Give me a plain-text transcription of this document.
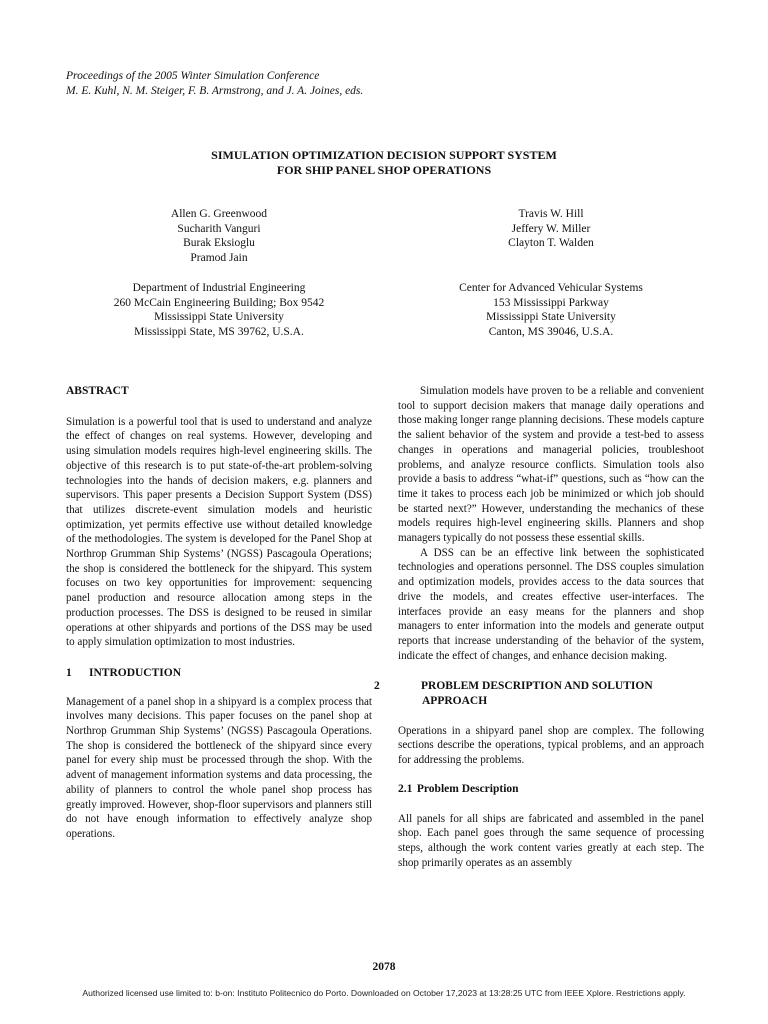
Proceedings of the 2005 Winter Simulation Conference
M. E. Kuhl, N. M. Steiger, F. B. Armstrong, and J. A. Joines, eds.
SIMULATION OPTIMIZATION DECISION SUPPORT SYSTEM
FOR SHIP PANEL SHOP OPERATIONS
Allen G. Greenwood
Sucharith Vanguri
Burak Eksioglu
Pramod Jain
Travis W. Hill
Jeffery W. Miller
Clayton T. Walden
Department of Industrial Engineering
260 McCain Engineering Building; Box 9542
Mississippi State University
Mississippi State, MS 39762, U.S.A.
Center for Advanced Vehicular Systems
153 Mississippi Parkway
Mississippi State University
Canton, MS 39046, U.S.A.
ABSTRACT

Simulation is a powerful tool that is used to understand and analyze the effect of changes on real systems. However, developing and using simulation models requires high-level engineering skills. The objective of this research is to put state-of-the-art problem-solving technologies into the hands of decision makers, e.g. planners and supervisors. This paper presents a Decision Support System (DSS) that utilizes discrete-event simulation models and heuristic optimization, yet permits effective use without detailed knowledge of the methodologies. The system is developed for the Panel Shop at Northrop Grumman Ship Systems’ (NGSS) Pascagoula Operations; the shop is considered the bottleneck for the shipyard. This system focuses on two key opportunities for improvement: sequencing panel production and resource allocation among steps in the production processes. The DSS is designed to be reused in similar operations at other shipyards and portions of the DSS may be used to apply simulation optimization to most industries.

1 INTRODUCTION

Management of a panel shop in a shipyard is a complex process that involves many decisions. This paper focuses on the panel shop at Northrop Grumman Ship Systems’ (NGSS) Pascagoula Operations. The shop is considered the bottleneck of the shipyard since every panel for every ship must be processed through the shop. With the advent of management information systems and data processing, the ability of planners to control the whole panel shop process has greatly improved. However, shop-floor supervisors and planners still do not have enough information to effectively analyze shop operations.

Simulation models have proven to be a reliable and convenient tool to support decision makers that manage daily operations and those making longer range planning decisions. These models capture the salient behavior of the system and provide a test-bed to assess changes in operations and managerial policies, troubleshoot problems, and analyze resource conflicts. Simulation tools also provide a basis to address “what-if” questions, such as “how can the time it takes to process each job be minimized or which job should be started next?” However, understanding the mechanics of these models requires high-level engineering skills. Planners and shop managers typically do not possess these essential skills.

A DSS can be an effective link between the sophisticated technologies and operations personnel. The DSS couples simulation and optimization models, provides access to the data sources that drive the models, and creates effective user-interfaces. The interfaces provide an easy means for the planners and shop managers to enter information into the models and generate output reports that increase understanding of the behavior of the system, indicate the effect of changes, and enhance decision making.

2	PROBLEM DESCRIPTION AND SOLUTION APPROACH

Operations in a shipyard panel shop are complex. The following sections describe the operations, typical problems, and an approach for addressing the problems.

2.1 Problem Description

All panels for all ships are fabricated and assembled in the panel shop. Each panel goes through the same sequence of processing steps, although the work content varies greatly at each step. The shop primarily operates as an assembly

2078
Authorized licensed use limited to: b-on: Instituto Politecnico do Porto. Downloaded on October 17,2023 at 13:28:25 UTC from IEEE Xplore. Restrictions apply.
